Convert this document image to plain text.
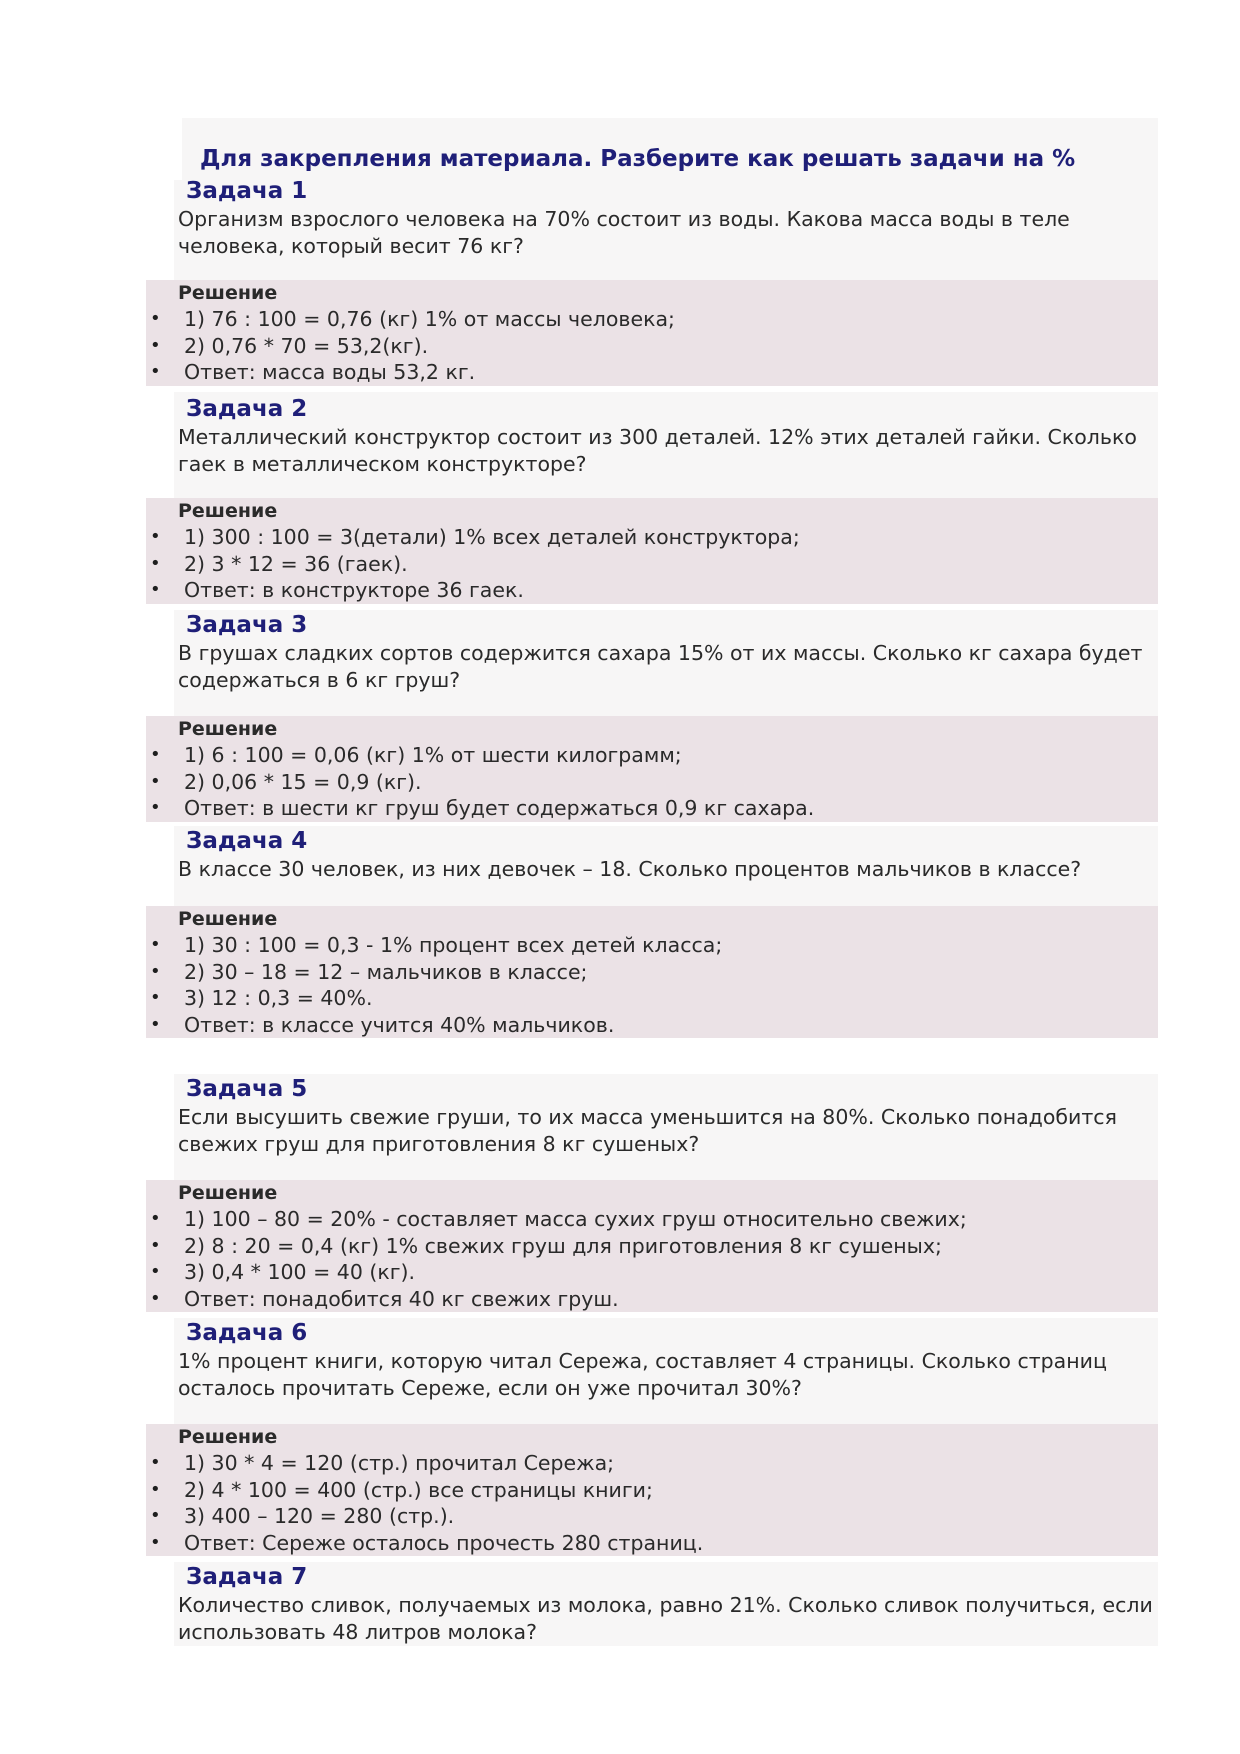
Для закрепления материала. Разберите как решать задачи на %
Задача 1
Организм взрослого человека на 70% состоит из воды. Какова масса воды в теле человека, который весит 76 кг?
Решение
• 1) 76 : 100 = 0,76 (кг) 1% от массы человека;
• 2) 0,76 * 70 = 53,2(кг).
• Ответ: масса воды 53,2 кг.
Задача 2
Металлический конструктор состоит из 300 деталей. 12% этих деталей гайки. Сколько гаек в металлическом конструкторе?
Решение
• 1) 300 : 100 = 3(детали) 1% всех деталей конструктора;
• 2) 3 * 12 = 36 (гаек).
• Ответ: в конструкторе 36 гаек.
Задача 3
В грушах сладких сортов содержится сахара 15% от их массы. Сколько кг сахара будет содержаться в 6 кг груш?
Решение
• 1) 6 : 100 = 0,06 (кг) 1% от шести килограмм;
• 2) 0,06 * 15 = 0,9 (кг).
• Ответ: в шести кг груш будет содержаться 0,9 кг сахара.
Задача 4
В классе 30 человек, из них девочек – 18. Сколько процентов мальчиков в классе?
Решение
• 1) 30 : 100 = 0,3 - 1% процент всех детей класса;
• 2) 30 – 18 = 12 – мальчиков в классе;
• 3) 12 : 0,3 = 40%.
• Ответ: в классе учится 40% мальчиков.
Задача 5
Если высушить свежие груши, то их масса уменьшится на 80%. Сколько понадобится свежих груш для приготовления 8 кг сушеных?
Решение
• 1) 100 – 80 = 20% - составляет масса сухих груш относительно свежих;
• 2) 8 : 20 = 0,4 (кг) 1% свежих груш для приготовления 8 кг сушеных;
• 3) 0,4 * 100 = 40 (кг).
• Ответ: понадобится 40 кг свежих груш.
Задача 6
1% процент книги, которую читал Сережа, составляет 4 страницы. Сколько страниц осталось прочитать Сереже, если он уже прочитал 30%?
Решение
• 1) 30 * 4 = 120 (стр.) прочитал Сережа;
• 2) 4 * 100 = 400 (стр.) все страницы книги;
• 3) 400 – 120 = 280 (стр.).
• Ответ: Сереже осталось прочесть 280 страниц.
Задача 7
Количество сливок, получаемых из молока, равно 21%. Сколько сливок получиться, если использовать 48 литров молока?
